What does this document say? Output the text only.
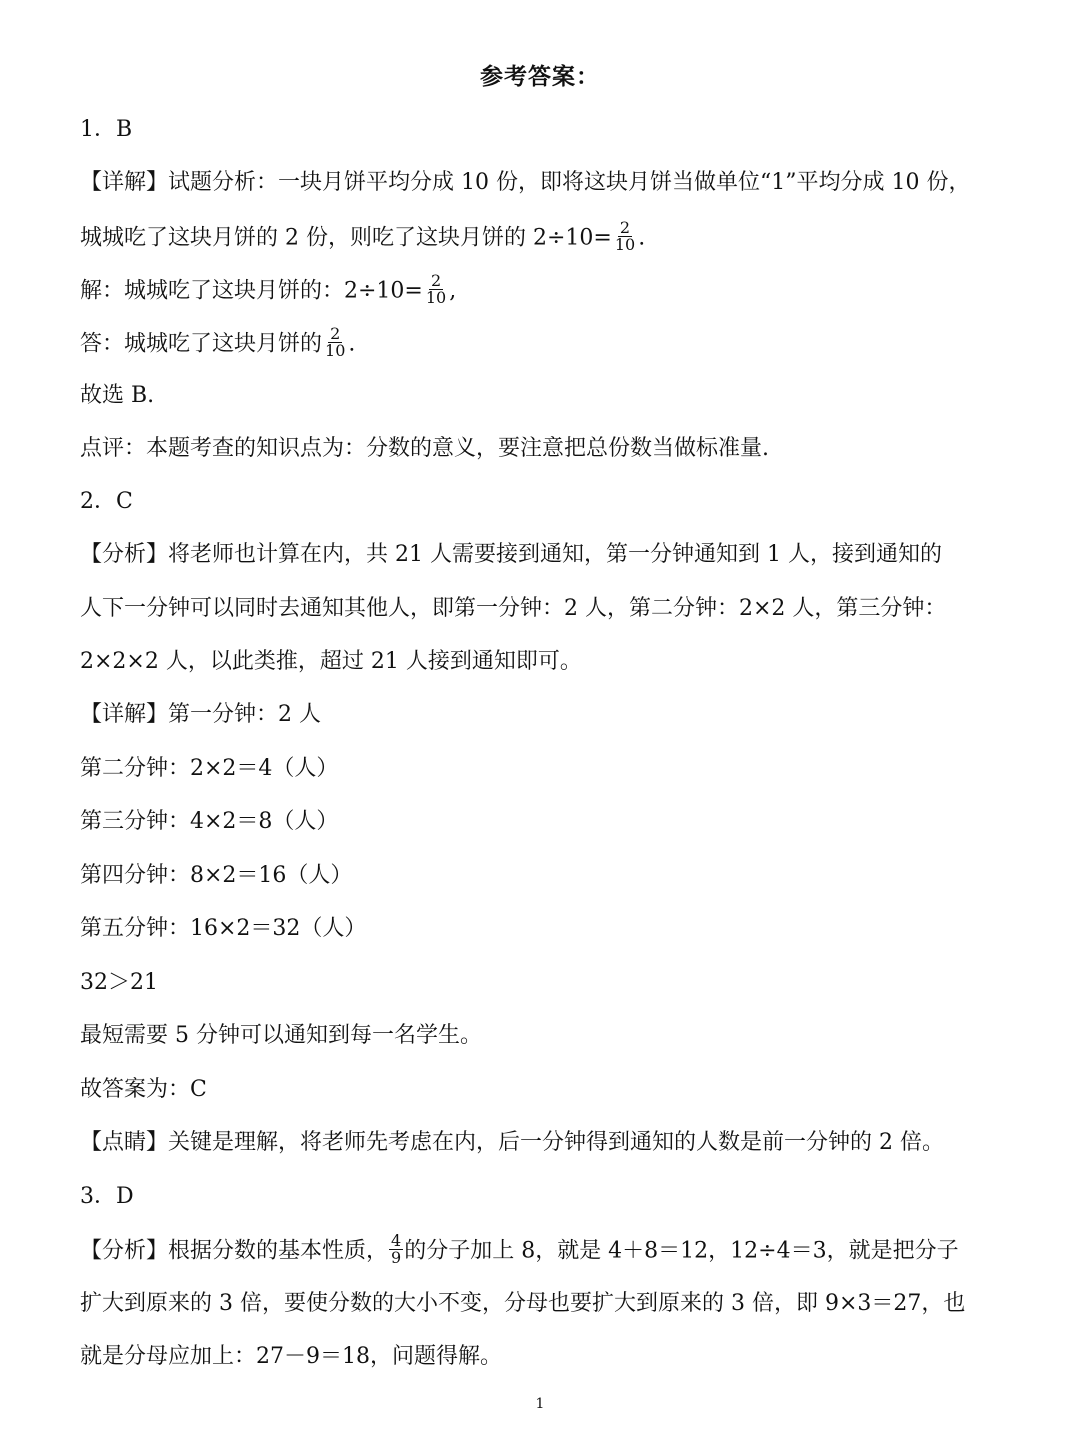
参考答案：
1．B
【详解】试题分析：一块月饼平均分成 10 份，即将这块月饼当做单位“1”平均分成 10 份，
城城吃了这块月饼的 2 份，则吃了这块月饼的 $2\div 10= \frac{2}{10}$ .
解：城城吃了这块月饼的：$2\div 10= \frac{2}{10}$ ,
答：城城吃了这块月饼的 $\frac{2}{10}$ .
故选 B.
点评：本题考查的知识点为：分数的意义，要注意把总份数当做标准量.
2．C
【分析】将老师也计算在内，共 21 人需要接到通知，第一分钟通知到 1 人，接到通知的
人下一分钟可以同时去通知其他人，即第一分钟：2 人，第二分钟：2×2 人，第三分钟：
2×2×2 人，以此类推，超过 21 人接到通知即可。
【详解】第一分钟：2 人
第二分钟：2×2＝4（人）
第三分钟：4×2＝8（人）
第四分钟：8×2＝16（人）
第五分钟：16×2＝32（人）
32＞21
最短需要 5 分钟可以通知到每一名学生。
故答案为：C
【点睛】关键是理解，将老师先考虑在内，后一分钟得到通知的人数是前一分钟的 2 倍。
3．D
【分析】根据分数的基本性质， $\frac{4}{9}$ 的分子加上 8，就是 4＋8＝12，12÷4＝3，就是把分子
扩大到原来的 3 倍，要使分数的大小不变，分母也要扩大到原来的 3 倍，即 9×3＝27，也
就是分母应加上：27－9＝18，问题得解。
1
